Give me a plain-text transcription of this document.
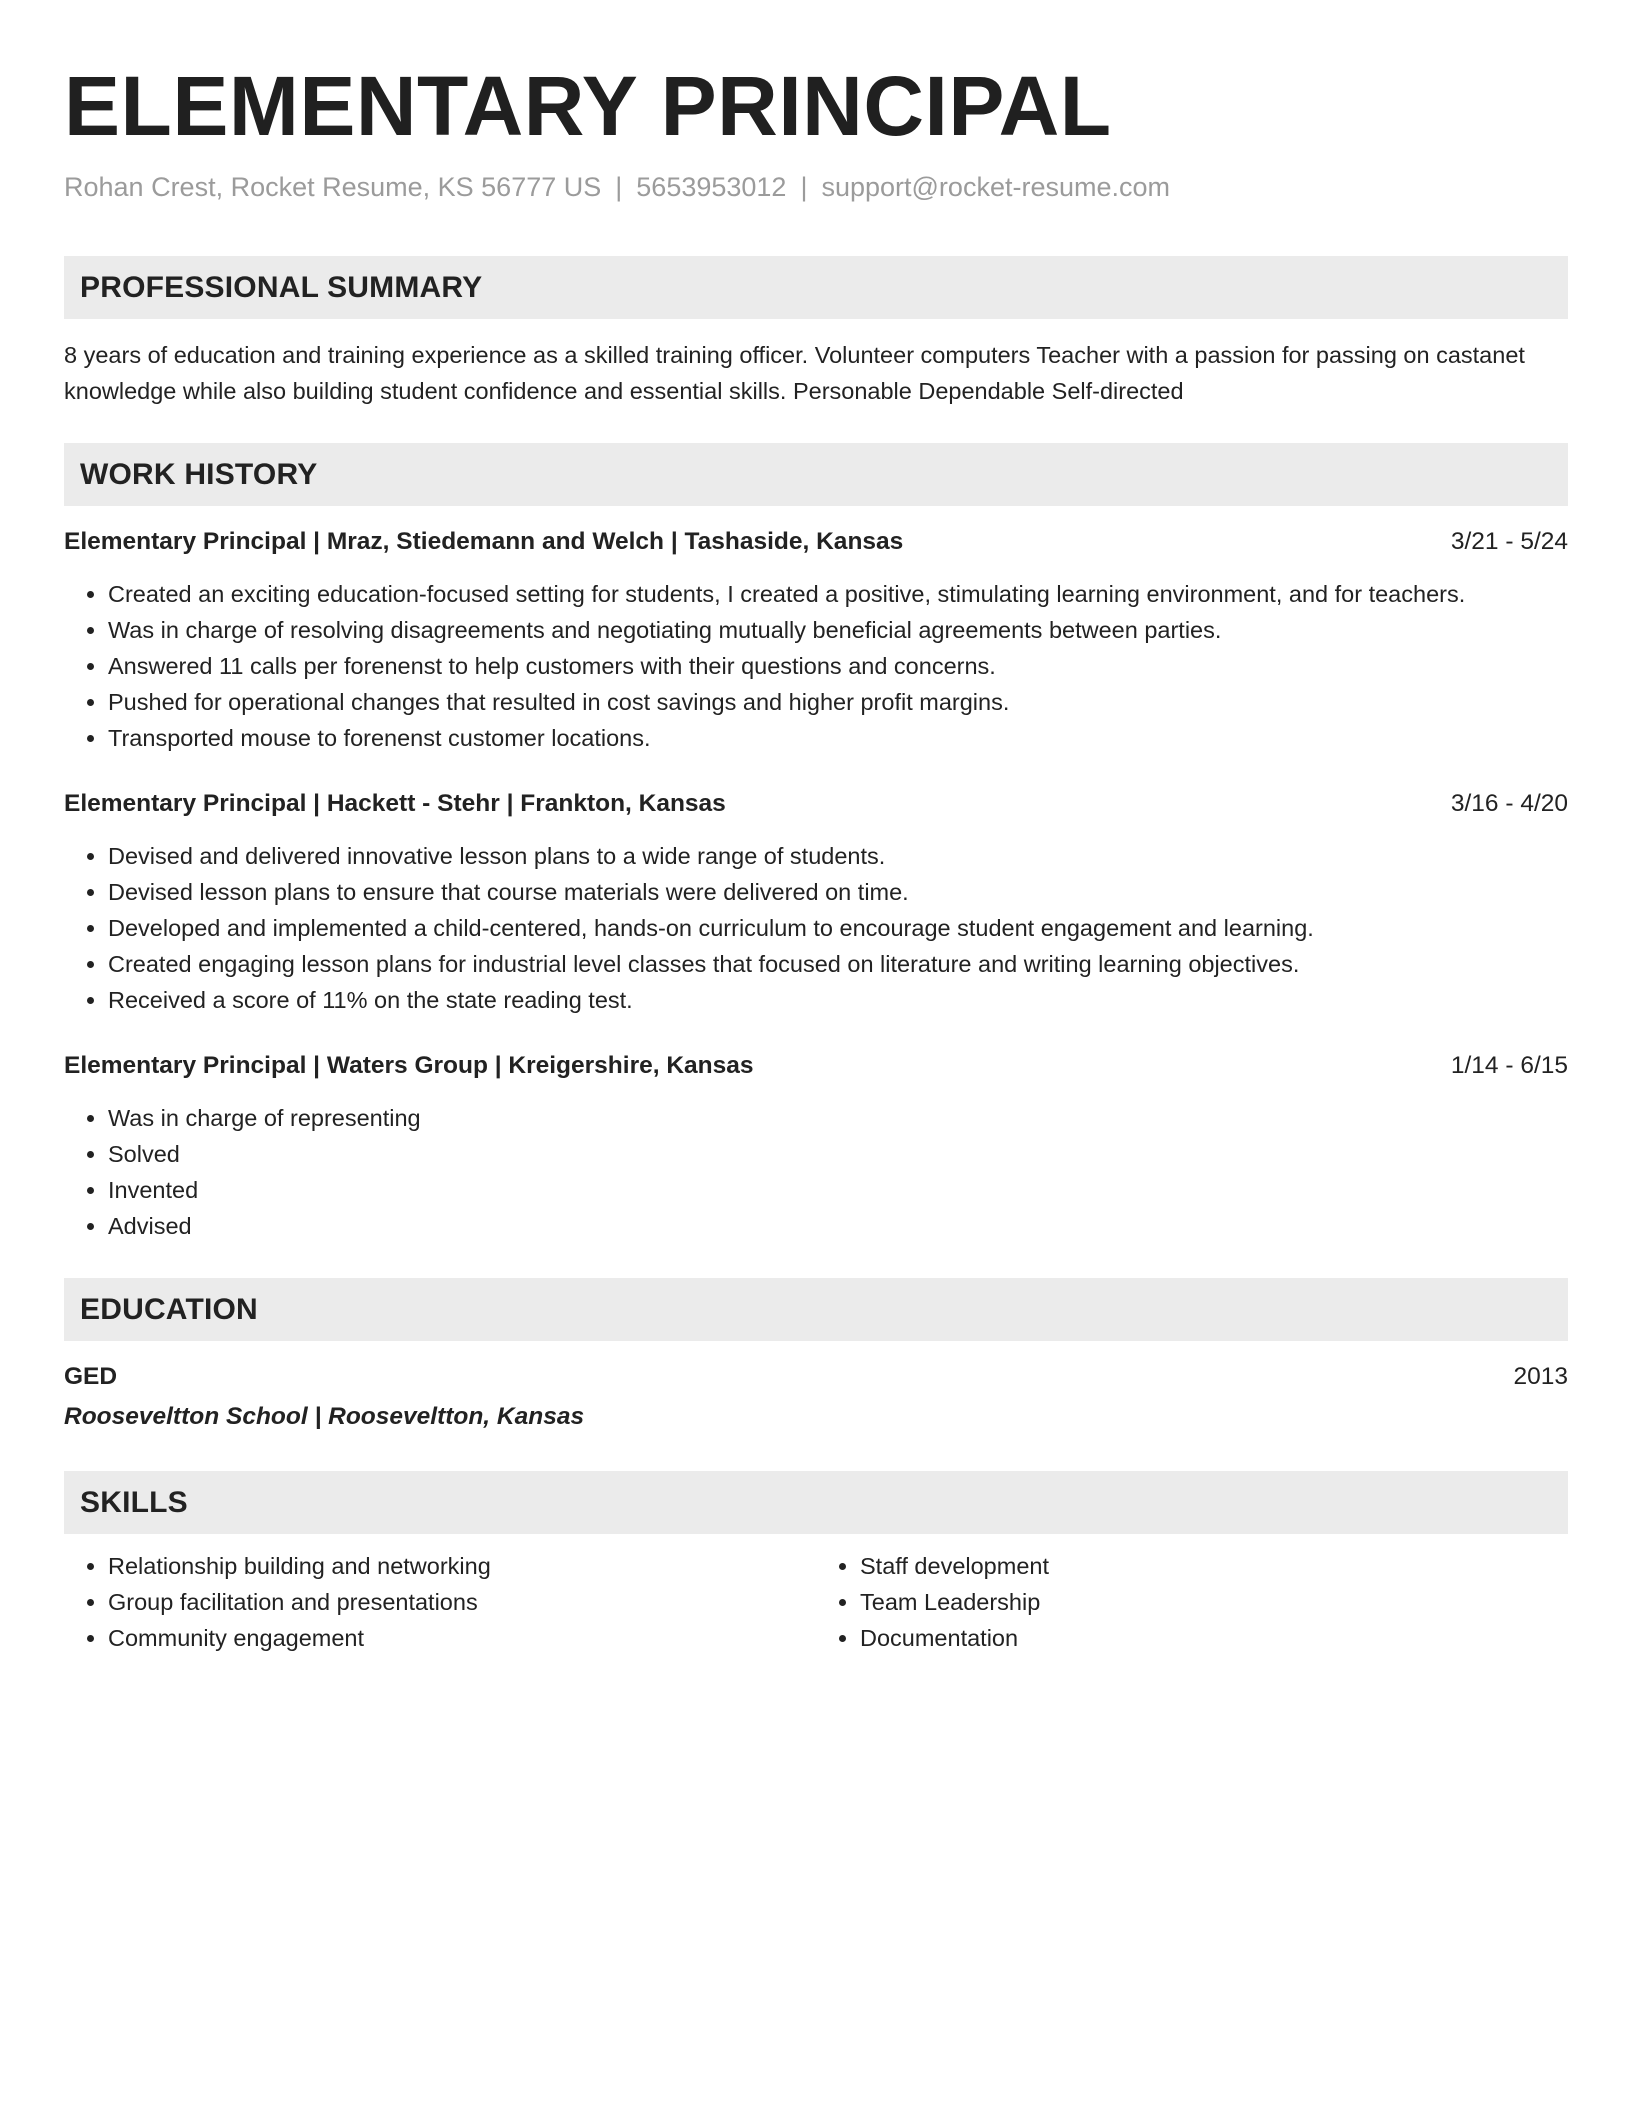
ELEMENTARY PRINCIPAL
Rohan Crest, Rocket Resume, KS 56777 US | 5653953012 | support@rocket-resume.com
PROFESSIONAL SUMMARY
8 years of education and training experience as a skilled training officer. Volunteer computers Teacher with a passion for passing on castanet knowledge while also building student confidence and essential skills. Personable Dependable Self-directed
WORK HISTORY
Elementary Principal | Mraz, Stiedemann and Welch | Tashaside, Kansas	3/21 - 5/24
• Created an exciting education-focused setting for students, I created a positive, stimulating learning environment, and for teachers.
• Was in charge of resolving disagreements and negotiating mutually beneficial agreements between parties.
• Answered 11 calls per forenenst to help customers with their questions and concerns.
• Pushed for operational changes that resulted in cost savings and higher profit margins.
• Transported mouse to forenenst customer locations.
Elementary Principal | Hackett - Stehr | Frankton, Kansas	3/16 - 4/20
• Devised and delivered innovative lesson plans to a wide range of students.
• Devised lesson plans to ensure that course materials were delivered on time.
• Developed and implemented a child-centered, hands-on curriculum to encourage student engagement and learning.
• Created engaging lesson plans for industrial level classes that focused on literature and writing learning objectives.
• Received a score of 11% on the state reading test.
Elementary Principal | Waters Group | Kreigershire, Kansas	1/14 - 6/15
• Was in charge of representing
• Solved
• Invented
• Advised
EDUCATION
GED	2013
Rooseveltton School | Rooseveltton, Kansas
SKILLS
• Relationship building and networking
• Group facilitation and presentations
• Community engagement
• Staff development
• Team Leadership
• Documentation
